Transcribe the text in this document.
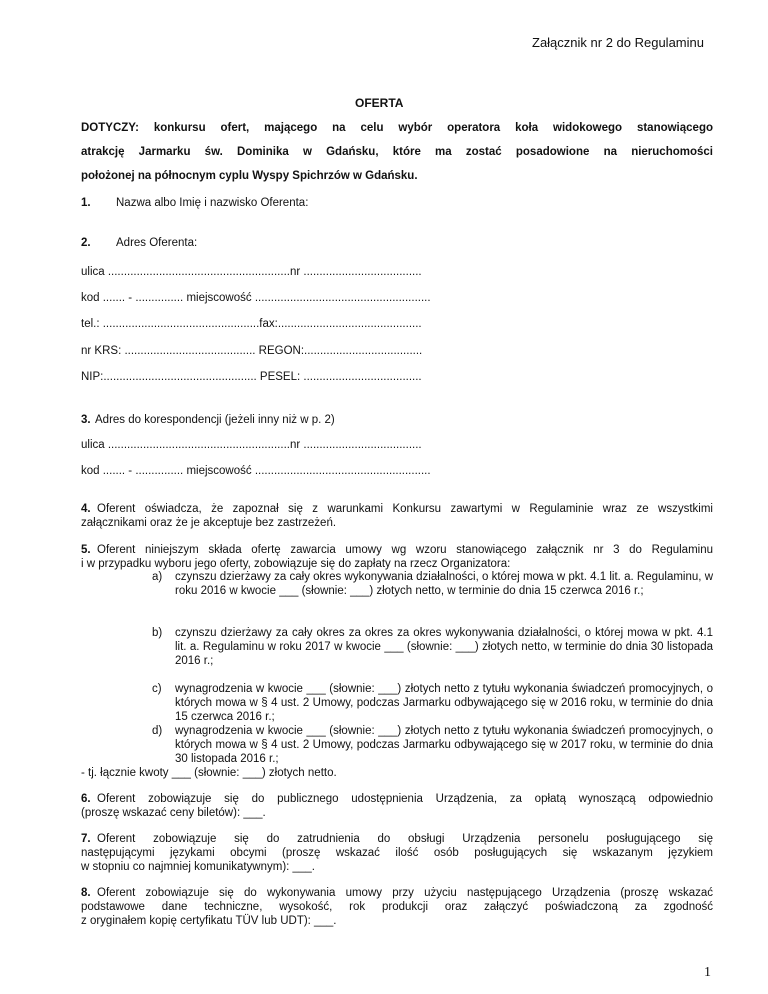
Załącznik nr 2 do Regulaminu
OFERTA
DOTYCZY: konkursu ofert, mającego na celu wybór operatora koła widokowego stanowiącego
atrakcję Jarmarku św. Dominika w Gdańsku, które ma zostać posadowione na nieruchomości
położonej na północnym cyplu Wyspy Spichrzów w Gdańsku.
1. Nazwa albo Imię i nazwisko Oferenta:
2. Adres Oferenta:
ulica .........................................................nr .....................................
kod ....... - ............... miejscowość .......................................................
tel.: .................................................fax:.............................................
nr KRS: ......................................... REGON:.....................................
NIP:................................................ PESEL: .....................................
3. Adres do korespondencji (jeżeli inny niż w p. 2)
ulica .........................................................nr .....................................
kod ....... - ............... miejscowość .......................................................
4. Oferent oświadcza, że zapoznał się z warunkami Konkursu zawartymi w Regulaminie wraz ze wszystkimi
załącznikami oraz że je akceptuje bez zastrzeżeń.
5. Oferent niniejszym składa ofertę zawarcia umowy wg wzoru stanowiącego załącznik nr 3 do Regulaminu
i w przypadku wyboru jego oferty, zobowiązuje się do zapłaty na rzecz Organizatora:
a) czynszu dzierżawy za cały okres wykonywania działalności, o której mowa w pkt. 4.1 lit. a. Regulaminu, w roku 2016 w kwocie ___ (słownie: ___) złotych netto, w terminie do dnia 15 czerwca 2016 r.;
b) czynszu dzierżawy za cały okres za okres za okres wykonywania działalności, o której mowa w pkt. 4.1 lit. a. Regulaminu w roku 2017 w kwocie ___ (słownie: ___) złotych netto, w terminie do dnia 30 listopada 2016 r.;
c) wynagrodzenia w kwocie ___ (słownie: ___) złotych netto z tytułu wykonania świadczeń promocyjnych, o których mowa w § 4 ust. 2 Umowy, podczas Jarmarku odbywającego się w 2016 roku, w terminie do dnia 15 czerwca 2016 r.;
d) wynagrodzenia w kwocie ___ (słownie: ___) złotych netto z tytułu wykonania świadczeń promocyjnych, o których mowa w § 4 ust. 2 Umowy, podczas Jarmarku odbywającego się w 2017 roku, w terminie do dnia 30 listopada 2016 r.;
- tj. łącznie kwoty ___ (słownie: ___) złotych netto.
6. Oferent zobowiązuje się do publicznego udostępnienia Urządzenia, za opłatą wynoszącą odpowiednio
(proszę wskazać ceny biletów): ___.
7. Oferent zobowiązuje się do zatrudnienia do obsługi Urządzenia personelu posługującego się
następującymi językami obcymi (proszę wskazać ilość osób posługujących się wskazanym językiem
w stopniu co najmniej komunikatywnym): ___.
8. Oferent zobowiązuje się do wykonywania umowy przy użyciu następującego Urządzenia (proszę wskazać
podstawowe dane techniczne, wysokość, rok produkcji oraz załączyć poświadczoną za zgodność
z oryginałem kopię certyfikatu TÜV lub UDT): ___.
1
